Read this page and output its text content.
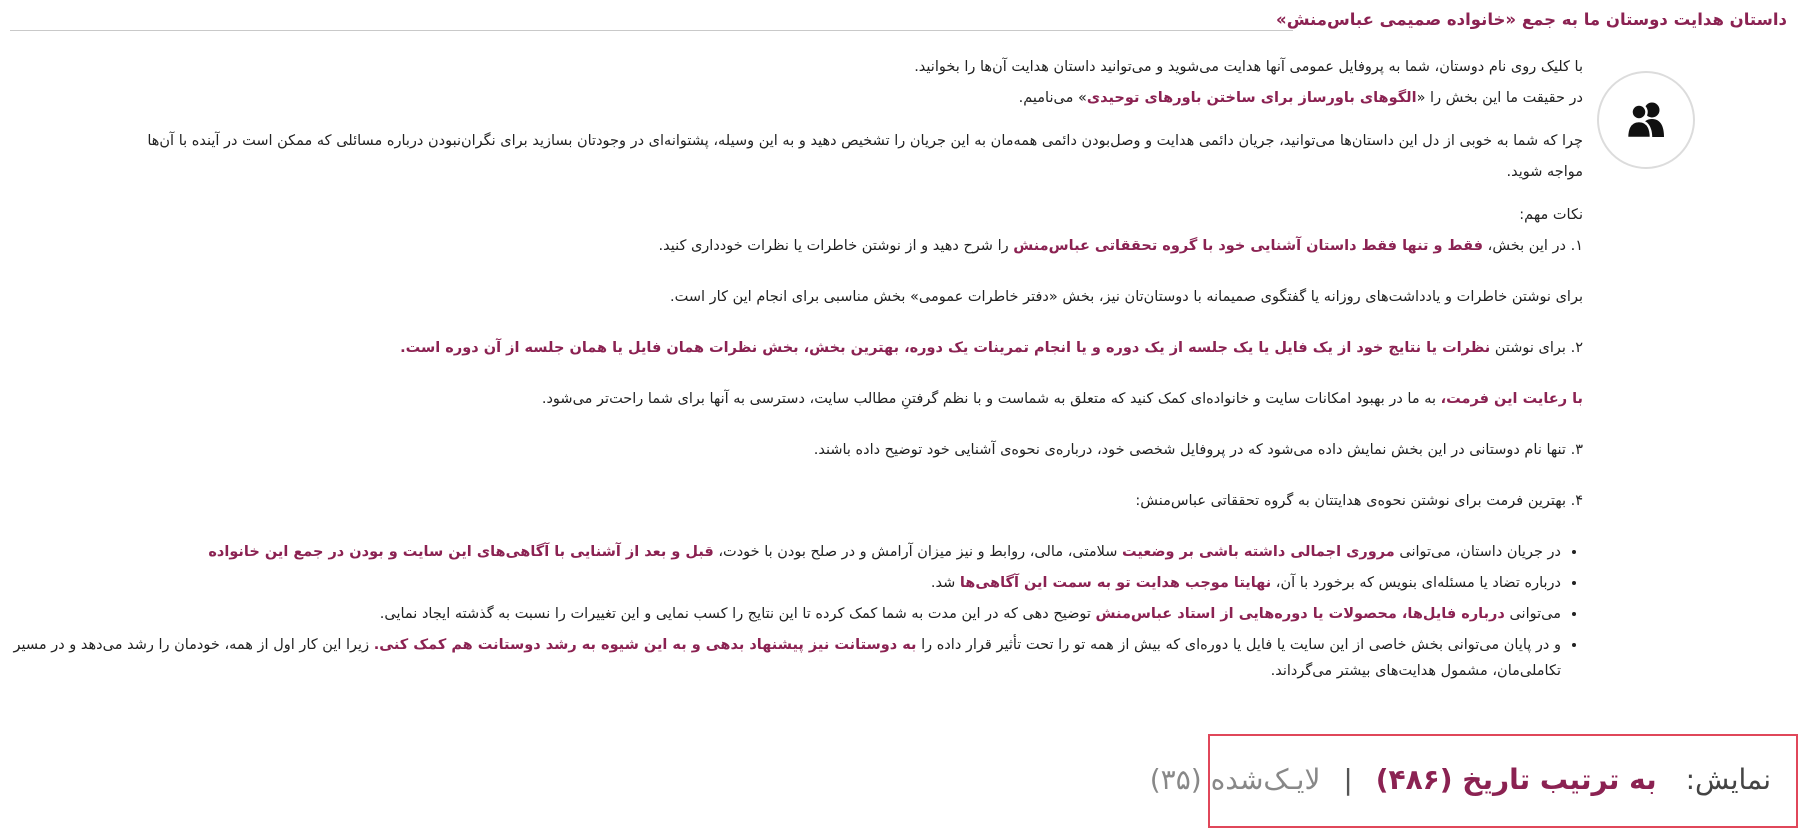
داستان هدایت دوستان ما به جمع «خانواده صمیمی عباس‌منش»

با کلیک روی نام دوستان، شما به پروفایل عمومی آنها هدایت می‌شوید و می‌توانید داستان هدایت آن‌ها را بخوانید.

در حقیقت ما این بخش را «الگوهای باورساز برای ساختن باورهای توحیدی» می‌نامیم.

چرا که شما به خوبی از دل این داستان‌ها می‌توانید، جریان دائمی هدایت و وصل‌بودن دائمی همه‌مان به این جریان را تشخیص دهید و به این وسیله، پشتوانه‌ای در وجودتان بسازید برای نگران‌نبودن درباره مسائلی که ممکن است در آینده با آن‌ها

مواجه شوید.

نکات مهم:

۱. در این بخش، فقط و تنها فقط داستان آشنایی خود با گروه تحققاتی عباس‌منش را شرح دهید و از نوشتن خاطرات یا نظرات خودداری کنید.

برای نوشتن خاطرات و یادداشت‌های روزانه یا گفتگوی صمیمانه با دوستان‌تان نیز، بخش «دفتر خاطرات عمومی» بخش مناسبی برای انجام این کار است.

۲. برای نوشتن نظرات یا نتایج خود از یک فایل یا یک جلسه از یک دوره و یا انجام تمرینات یک دوره، بهترین بخش، بخش نظرات همان فایل یا همان جلسه از آن دوره است.

با رعایت این فرمت، به ما در بهبود امکانات سایت و خانواده‌ای کمک کنید که متعلق به شماست و با نظم گرفتنِ مطالب سایت، دسترسی به آنها برای شما راحت‌تر می‌شود.

۳. تنها نام دوستانی در این بخش نمایش داده می‌شود که در پروفایل شخصی خود، درباره‌ی نحوه‌ی آشنایی خود توضیح داده باشند.

۴. بهترین فرمت برای نوشتن نحوه‌ی هدایتتان به گروه تحققاتی عباس‌منش:

• در جریان داستان، می‌توانی مروری اجمالی داشته باشی بر وضعیت سلامتی، مالی، روابط و نیز میزان آرامش و در صلح بودن با خودت، قبل و بعد از آشنایی با آگاهی‌های این سایت و بودن در جمع این خانواده
• درباره تضاد یا مسئله‌ای بنویس که برخورد با آن، نهایتا موجب هدایت تو به سمت این آگاهی‌ها شد.
• می‌توانی درباره فایل‌ها، محصولات یا دوره‌هایی از استاد عباس‌منش توضیح دهی که در این مدت به شما کمک کرده تا این نتایج را کسب نمایی و این تغییرات را نسبت به گذشته ایجاد نمایی.
• و در پایان می‌توانی بخش خاصی از این سایت یا فایل یا دوره‌ای که بیش از همه تو را تحت تأثیر قرار داده را به دوستانت نیز پیشنهاد بدهی و به این شیوه به رشد دوستانت هم کمک کنی. زیرا این کار اول از همه، خودمان را رشد می‌دهد و در مسیر
تکاملی‌مان، مشمول هدایت‌های بیشتر می‌گرداند.
نمایش: به ترتیب تاریخ (۴۸۶) | لایـک‌شده (۳۵)
